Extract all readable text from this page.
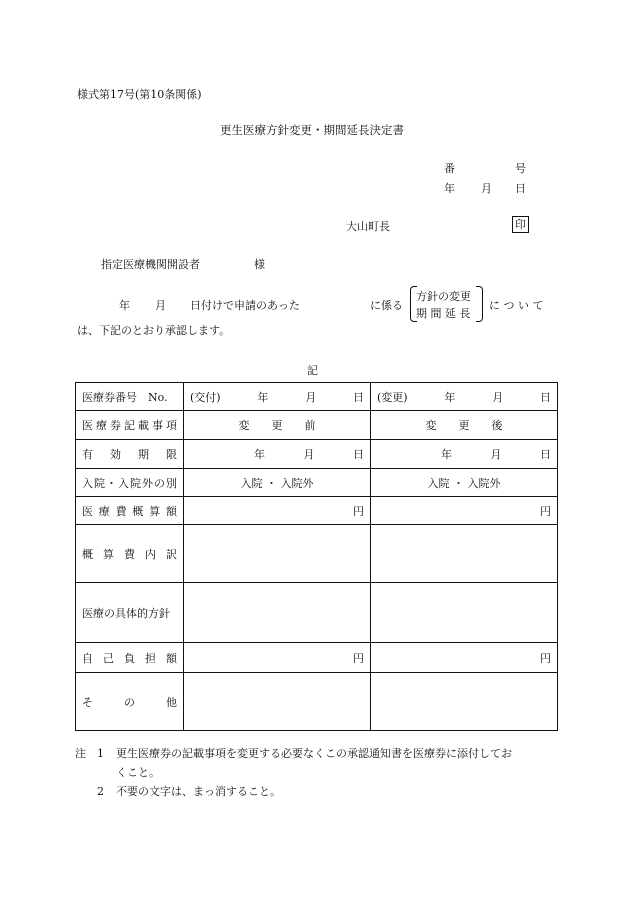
様式第17号(第10条関係)
更生医療方針変更・期間延長決定書
番	号
年 月 日
大山町長	印
指定医療機関開設者	様
年 月 日付けで申請のあった	に係る
方針の変更
期 間 延 長
に つ い て
は、下記のとおり承認します。
記
医療券番号　No.	(交付) 年 月 日	(変更) 年 月 日

医療券記載事項	変　　更　　前	変　　更　　後
有　効　期　限	年 月 日	年 月 日

入院・入院外の別	入院 ・ 入院外	入院 ・ 入院外
医療費概算額	円	円
概算費内訳		
医療の具体的方針		
自己負担額	円	円
その他		
注	1	更生医療券の記載事項を変更する必要なくこの承認通知書を医療券に添付してお
くこと。
2	不要の文字は、まっ消すること。
